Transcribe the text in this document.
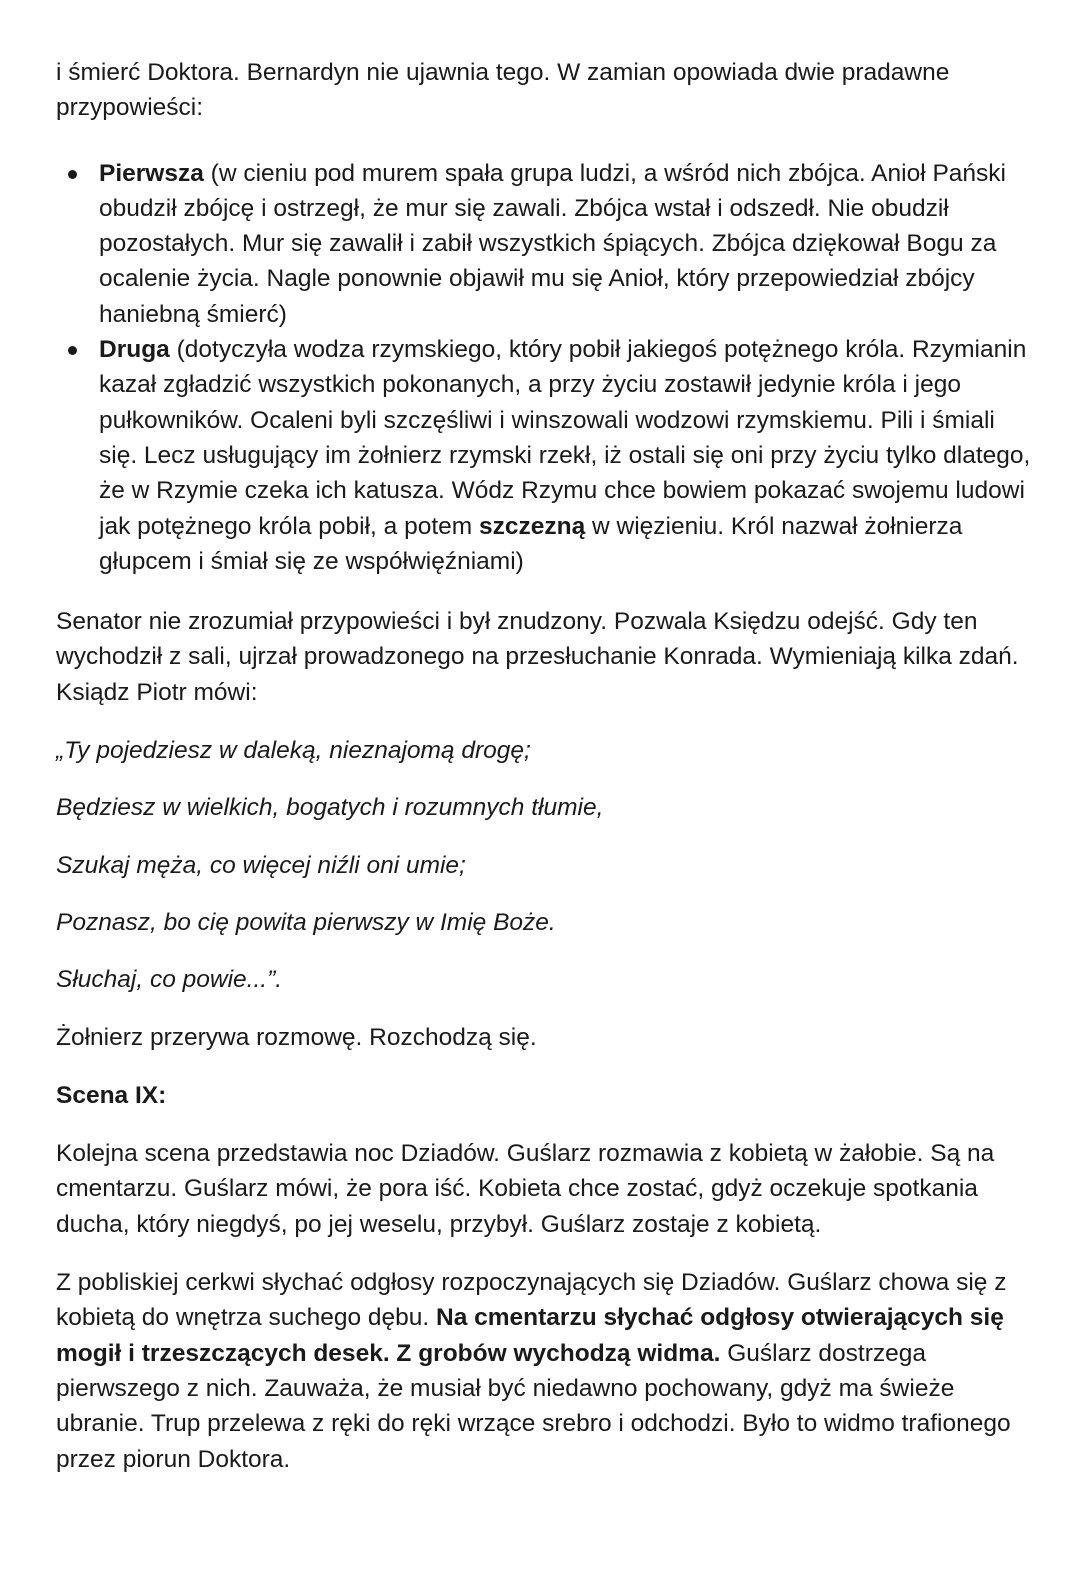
i śmierć Doktora. Bernardyn nie ujawnia tego. W zamian opowiada dwie pradawne przypowieści:

Pierwsza (w cieniu pod murem spała grupa ludzi, a wśród nich zbójca. Anioł Pański obudził zbójcę i ostrzegł, że mur się zawali. Zbójca wstał i odszedł. Nie obudził pozostałych. Mur się zawalił i zabił wszystkich śpiących. Zbójca dziękował Bogu za ocalenie życia. Nagle ponownie objawił mu się Anioł, który przepowiedział zbójcy haniebną śmierć)
Druga (dotyczyła wodza rzymskiego, który pobił jakiegoś potężnego króla. Rzymianin kazał zgładzić wszystkich pokonanych, a przy życiu zostawił jedynie króla i jego pułkowników. Ocaleni byli szczęśliwi i winszowali wodzowi rzymskiemu. Pili i śmiali się. Lecz usługujący im żołnierz rzymski rzekł, iż ostali się oni przy życiu tylko dlatego, że w Rzymie czeka ich katusza. Wódz Rzymu chce bowiem pokazać swojemu ludowi jak potężnego króla pobił, a potem szczezną w więzieniu. Król nazwał żołnierza głupcem i śmiał się ze współwięźniami)

Senator nie zrozumiał przypowieści i był znudzony. Pozwala Księdzu odejść. Gdy ten wychodził z sali, ujrzał prowadzonego na przesłuchanie Konrada. Wymieniają kilka zdań. Ksiądz Piotr mówi:

„Ty pojedziesz w daleką, nieznajomą drogę;

Będziesz w wielkich, bogatych i rozumnych tłumie,

Szukaj męża, co więcej niźli oni umie;

Poznasz, bo cię powita pierwszy w Imię Boże.

Słuchaj, co powie...”.

Żołnierz przerywa rozmowę. Rozchodzą się.

Scena IX:

Kolejna scena przedstawia noc Dziadów. Guślarz rozmawia z kobietą w żałobie. Są na cmentarzu. Guślarz mówi, że pora iść. Kobieta chce zostać, gdyż oczekuje spotkania ducha, który niegdyś, po jej weselu, przybył. Guślarz zostaje z kobietą.

Z pobliskiej cerkwi słychać odgłosy rozpoczynających się Dziadów. Guślarz chowa się z kobietą do wnętrza suchego dębu. Na cmentarzu słychać odgłosy otwierających się mogił i trzeszczących desek. Z grobów wychodzą widma. Guślarz dostrzega pierwszego z nich. Zauważa, że musiał być niedawno pochowany, gdyż ma świeże ubranie. Trup przelewa z ręki do ręki wrzące srebro i odchodzi. Było to widmo trafionego przez piorun Doktora.
